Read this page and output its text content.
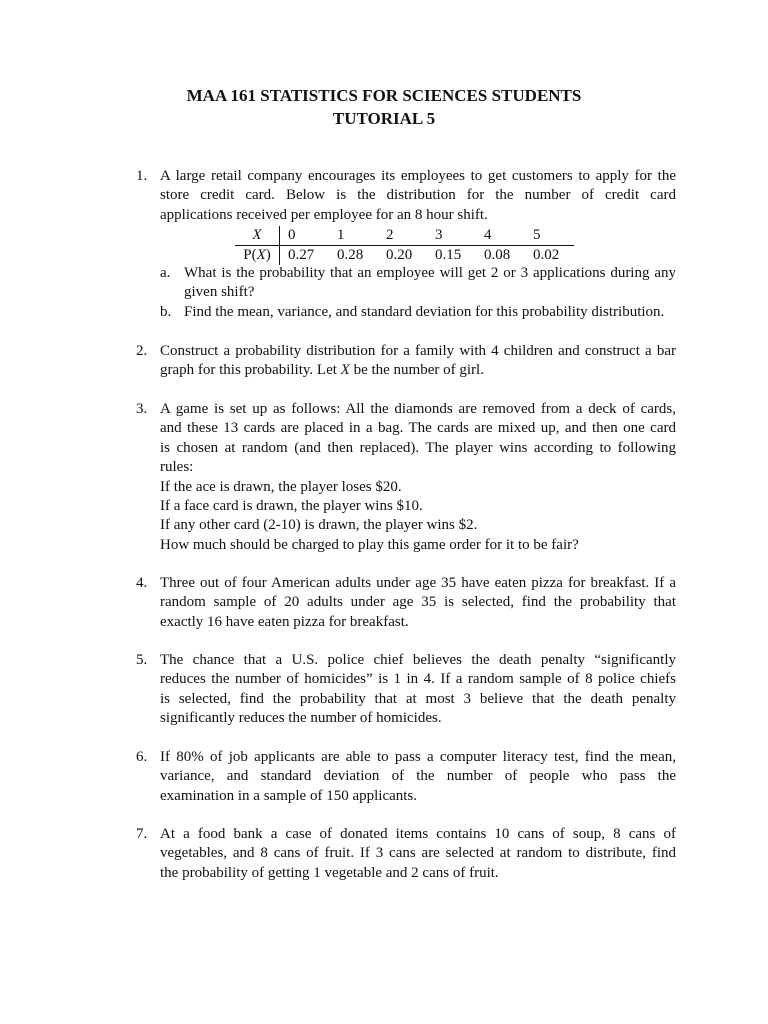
MAA 161 STATISTICS FOR SCIENCES STUDENTS
TUTORIAL 5
1. A large retail company encourages its employees to get customers to apply for the
store credit card. Below is the distribution for the number of credit card
applications received per employee for an 8 hour shift.
X	0	1	2	3	4	5
P(X)	0.27	0.28	0.20	0.15	0.08	0.02
a. What is the probability that an employee will get 2 or 3 applications during any
given shift?
b. Find the mean, variance, and standard deviation for this probability distribution.
2. Construct a probability distribution for a family with 4 children and construct a bar
graph for this probability. Let X be the number of girl.
3. A game is set up as follows: All the diamonds are removed from a deck of cards,
and these 13 cards are placed in a bag. The cards are mixed up, and then one card
is chosen at random (and then replaced). The player wins according to following
rules:
If the ace is drawn, the player loses $20.
If a face card is drawn, the player wins $10.
If any other card (2-10) is drawn, the player wins $2.
How much should be charged to play this game order for it to be fair?
4. Three out of four American adults under age 35 have eaten pizza for breakfast. If a
random sample of 20 adults under age 35 is selected, find the probability that
exactly 16 have eaten pizza for breakfast.
5. The chance that a U.S. police chief believes the death penalty “significantly
reduces the number of homicides” is 1 in 4. If a random sample of 8 police chiefs
is selected, find the probability that at most 3 believe that the death penalty
significantly reduces the number of homicides.
6. If 80% of job applicants are able to pass a computer literacy test, find the mean,
variance, and standard deviation of the number of people who pass the
examination in a sample of 150 applicants.
7. At a food bank a case of donated items contains 10 cans of soup, 8 cans of
vegetables, and 8 cans of fruit. If 3 cans are selected at random to distribute, find
the probability of getting 1 vegetable and 2 cans of fruit.
